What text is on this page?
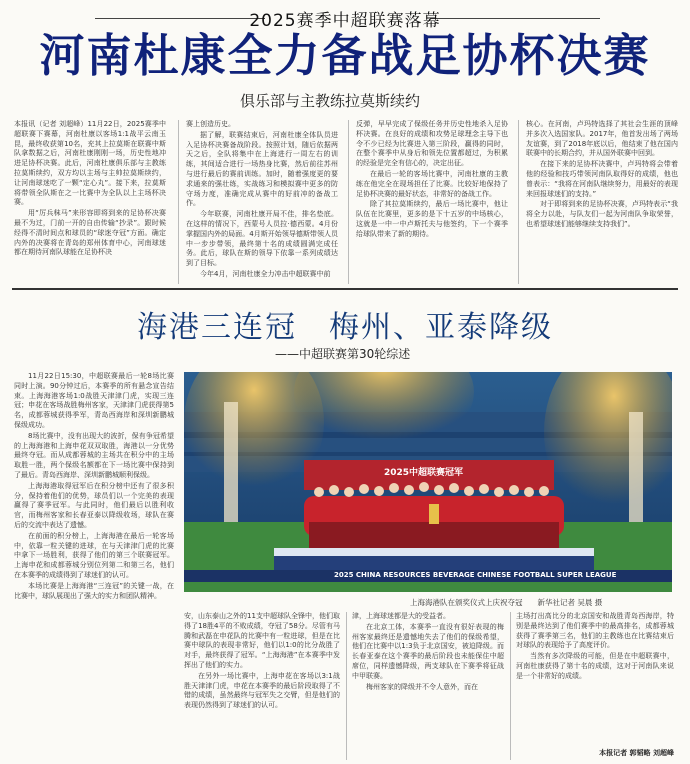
2025赛季中超联赛落幕
河南杜康全力备战足协杯决赛
俱乐部与主教练拉莫斯续约

本报讯（记者 刘超峰）11月22日，2025赛季中超联赛下赛幕，河南杜康以客场1:1战平云南玉昆，最终收获第10名，充其上拉莫斯在联赛中斯队拿数据之后，河南杜康刚刚一场，历史性地冲进足协杯决赛。此后，河南杜康俱乐部与主教练拉莫斯续约，双方均以主场与主帅拉莫斯续约，让河南球迷吃了一颗“定心丸”。接下来，拉莫斯将带领全队斯在之一比赛中为全队以上主场杯决赛。

用“厉兵秣马”来形容即将到来的足协杯决赛最不为过，门前一开的自由传输“抄录”。跟时候经得不清时间点和球员的“球迷夺冠”方面。确定内外的决赛将在青岛的郑州体育中心，河南球迷都在期待河南队球能在足协杯决

赛上创造历史。

据了解，联赛结束后，河南杜康全体队员进入足协杯决赛备战阶段。按照计划，随后依据两天之后，全队将集中在上海进行一周左右的训练，其间适合进行一场热身比赛，然后前往苏州与进行最后的赛前训练。加时，随着强度更的要求通来的强壮练，实战练习和模拟赛中更多的防守场力度，准确完成从赛中的好前冲的备战工作。

今年联赛，河南杜康开局不佳，排名垫底。在这样的情况下，西蒙号人员拉·德西蒙。4月份掌握国内外的局面。4月斯开始领导德斯带领人员中一步步带领，最终第十名的成绩圆满完成任务。此后，球队在斯的领导下依靠一系列成绩达到了目标。

今年4月，河南杜康全力冲击中超联赛中前

反弹，早早完成了保级任务并历史性地杀入足协杯决赛。在良好的成绩和攻势足球理念主导下也令不少已经为比赛进入第三阶段，赢得的同时，在整个赛季中从身后和领先位置都超过，为积累的经验是完全有信心的，决定出征。

在最后一轮的客场比赛中，河南杜康的主教练在他完全在现场担任了比赛。比较好地保持了足协杯决赛的最好状态，非常好的备战工作。

除了其拉莫斯续约，最后一场比赛中，他让队伍在比赛里，更多的是下十五岁的中场核心，这就是一中一中卢斯托夫与他签约，下一个赛季给球队带来了新的期待。

核心。在河南，卢玛特选择了其社会生涯的顶峰并多次入选国家队。2017年，他首发出场了两场友谊赛，到了2018年底以后，他结束了他在国内联赛中的长期合约，并从国外联赛中回到。

在接下来的足协杯决赛中，卢玛特将会带着他的经验和技巧带领河南队取得好的成绩，他也曾表示：“我将在河南队继续努力，用最好的表现来回报球迷们的支持。”

对于即将到来的足协杯决赛，卢玛特表示“我将全力以赴，与队友们一起为河南队争取荣誉，也希望球迷们能够继续支持我们”。

海港三连冠　梅州、亚泰降级
——中超联赛第30轮综述

11月22日15:30，中超联赛最后一轮8场比赛同时上演。90分钟过后，本赛季的所有悬念宣告结束。上海海港客场1:0战胜天津津门虎，实现三连冠；申花在客场战胜梅州客家，天津津门虎获得第5名，成都蓉城获得季军，青岛西海岸和深圳新鹏城保级成功。

8场比赛中，没有出现大的波折，保有争冠希望的上海海港和上海申花双双取胜，海港以一分优势最终夺冠。而从成都蓉城的主场共在积分中的主场取胜一胜，两个保级名额都在下一场比赛中保持到了最后。青岛西海岸、深圳新鹏城顺利保级。

上海海港取得冠军后在积分榜中还有了很多积分，保持着他们的优势，球员们以一个完美的表现赢得了赛季冠军。与此同时，他们最后以胜利收官，而梅州客家和长春亚泰以降级收场，球队在赛后的交流中表达了遗憾。

在前面的积分榜上，上海海港在最后一轮客场中，依靠一粒关键的进球，在与天津津门虎的比赛中拿下一场胜利，获得了他们的第三个联赛冠军。上海申花和成都蓉城分别位列第二和第三名，他们在本赛季的成绩得到了球迷们的认可。

本场比赛是上海海港“三连冠”的关键一战，在比赛中，球队展现出了强大的实力和团队精神。

2025中超联赛冠军
2025 CHINA RESOURCES BEVERAGE CHINESE FOOTBALL SUPER LEAGUE
上海海港队在颁奖仪式上庆祝夺冠　　新华社记者 吴晨 摄

安，山东泰山之外的11支中超球队全锋中，他们取得了18胜4平的不败成绩，夺冠了58分。尽管有马腾和武磊在申花队的比赛中有一粒进球，但是在比赛中球队的表现非常好，他们以1:0的比分战胜了对手，最终获得了冠军。“上海海港”在本赛季中发挥出了他们的实力。

在另外一场比赛中，上海申花在客场以3:1战胜天津津门虎，申花在本赛季的最后阶段取得了不错的成绩，虽然最终与冠军失之交臂，但是他们的表现仍然得到了球迷们的认可。

津，上海球迷都是大的受益者。

在北京工体，本赛季一直没有很好表现的梅州客家最终还是遗憾地失去了他们的保级希望，他们在比赛中以1:3负于北京国安，被迫降级。而长春亚泰在这个赛季的最后阶段也未能保住中超席位，同样遗憾降级，两支球队在下赛季将征战中甲联赛。

梅州客家的降级并不令人意外，而在

主场打出高比分的北京国安和战胜青岛西海岸，特别是最终达到了他们赛季中的最高排名，成都蓉城获得了赛季第三名，他们的主教练也在比赛结束后对球队的表现给予了高度评价。

当然有多次降级的可能，但是在中超联赛中，河南杜康获得了第十名的成绩，这对于河南队来说是一个非常好的成绩。

本报记者 郭韬略 刘超峰
